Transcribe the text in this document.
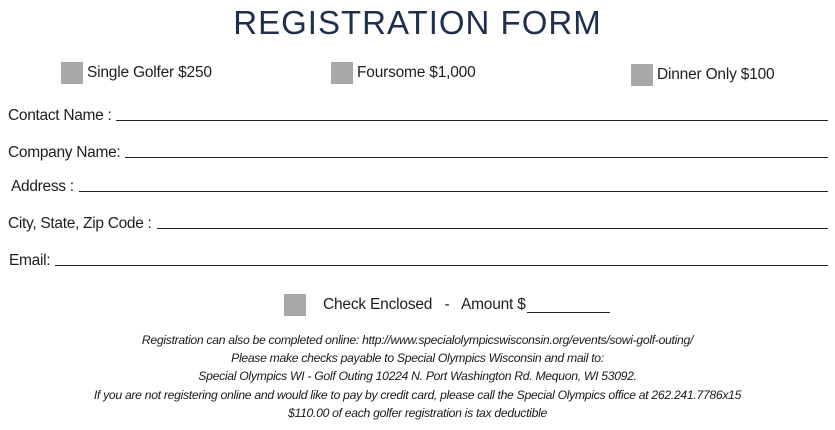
REGISTRATION FORM
Single Golfer $250	Foursome $1,000	Dinner Only $100
Contact Name :
Company Name:
Address :
City, State, Zip Code :
Email:
Check Enclosed   -   Amount $
Registration can also be completed online: http://www.specialolympicswisconsin.org/events/sowi-golf-outing/
Please make checks payable to Special Olympics Wisconsin and mail to:
Special Olympics WI - Golf Outing 10224 N. Port Washington Rd. Mequon, WI 53092.
If you are not registering online and would like to pay by credit card, please call the Special Olympics office at 262.241.7786x15
$110.00 of each golfer registration is tax deductible
